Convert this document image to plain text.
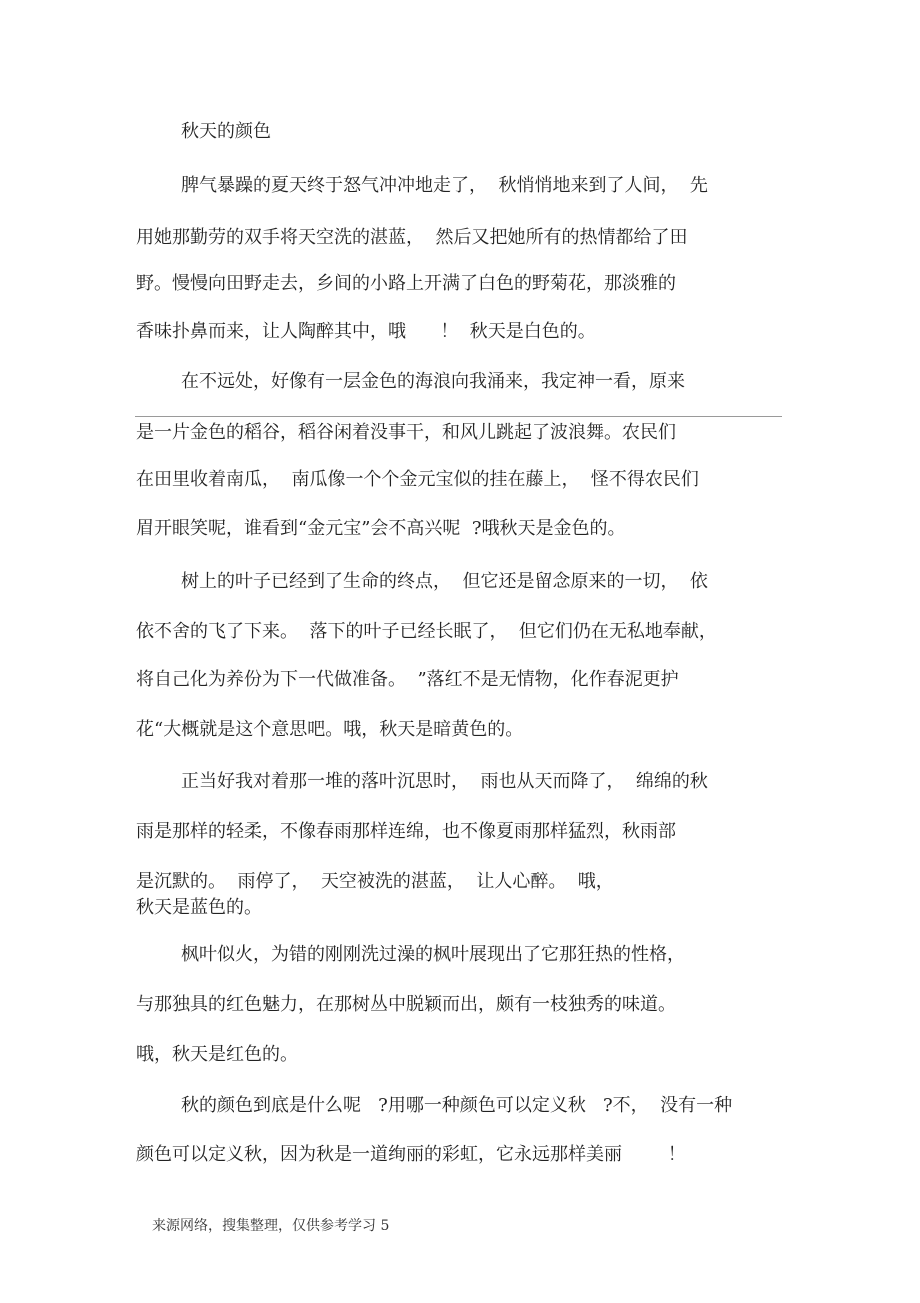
秋天的颜色

脾气暴躁的夏天终于怒气冲冲地走了，  秋悄悄地来到了人间，  先

用她那勤劳的双手将天空洗的湛蓝，  然后又把她所有的热情都给了田

野。慢慢向田野走去，乡间的小路上开满了白色的野菊花，那淡雅的

香味扑鼻而来，让人陶醉其中，哦      ！  秋天是白色的。

在不远处，好像有一层金色的海浪向我涌来，我定神一看，原来

是一片金色的稻谷，稻谷闲着没事干，和风儿跳起了波浪舞。农民们

在田里收着南瓜，  南瓜像一个个金元宝似的挂在藤上，  怪不得农民们

眉开眼笑呢，谁看到“金元宝”会不高兴呢  ?哦秋天是金色的。

树上的叶子已经到了生命的终点，  但它还是留念原来的一切，  依

依不舍的飞了下来。  落下的叶子已经长眠了，  但它们仍在无私地奉献，

将自己化为养份为下一代做准备。  ”落红不是无情物，化作春泥更护

花“大概就是这个意思吧。哦，秋天是暗黄色的。

正当好我对着那一堆的落叶沉思时，  雨也从天而降了，  绵绵的秋

雨是那样的轻柔，不像春雨那样连绵，也不像夏雨那样猛烈，秋雨部

是沉默的。  雨停了，  天空被洗的湛蓝，  让人心醉。  哦，

秋天是蓝色的。

枫叶似火，为错的刚刚洗过澡的枫叶展现出了它那狂热的性格，

与那独具的红色魅力，在那树丛中脱颖而出，颇有一枝独秀的味道。

哦，秋天是红色的。

秋的颜色到底是什么呢   ?用哪一种颜色可以定义秋   ?不，  没有一种

颜色可以定义秋，因为秋是一道绚丽的彩虹，它永远那样美丽        ！

来源网络，搜集整理，仅供参考学习 5
